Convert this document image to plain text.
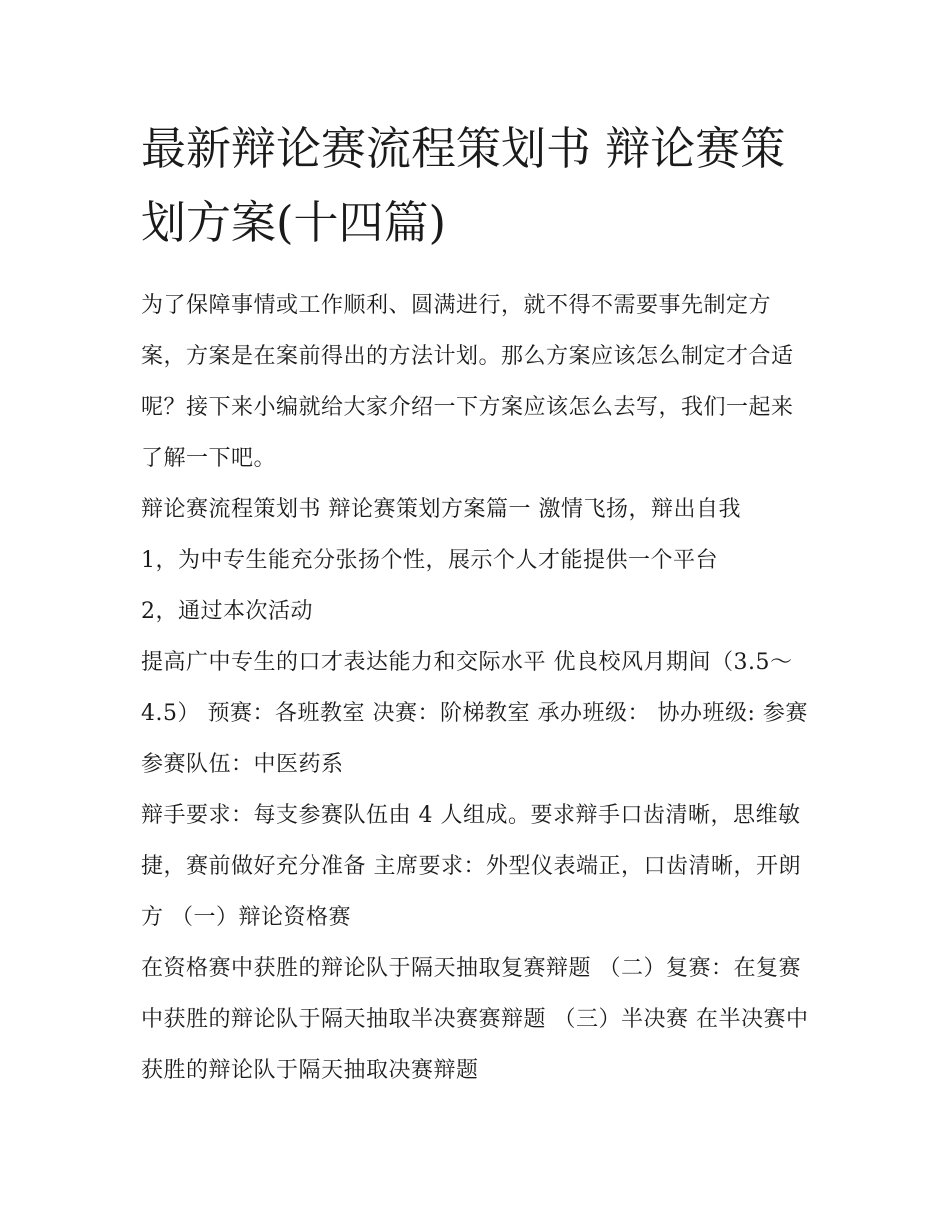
最新辩论赛流程策划书 辩论赛策划方案(十四篇)

为了保障事情或工作顺利、圆满进行，就不得不需要事先制定方案，方案是在案前得出的方法计划。那么方案应该怎么制定才合适呢？接下来小编就给大家介绍一下方案应该怎么去写，我们一起来了解一下吧。

辩论赛流程策划书 辩论赛策划方案篇一 激情飞扬，辩出自我

1，为中专生能充分张扬个性，展示个人才能提供一个平台

2，通过本次活动

提高广中专生的口才表达能力和交际水平 优良校风月期间（3.5～4.5） 预赛：各班教室 决赛：阶梯教室 承办班级： 协办班级: 参赛参赛队伍：中医药系

辩手要求：每支参赛队伍由 4 人组成。要求辩手口齿清晰，思维敏捷，赛前做好充分准备 主席要求：外型仪表端正，口齿清晰，开朗方 （一）辩论资格赛

在资格赛中获胜的辩论队于隔天抽取复赛辩题 （二）复赛：在复赛中获胜的辩论队于隔天抽取半决赛赛辩题 （三）半决赛 在半决赛中获胜的辩论队于隔天抽取决赛辩题
